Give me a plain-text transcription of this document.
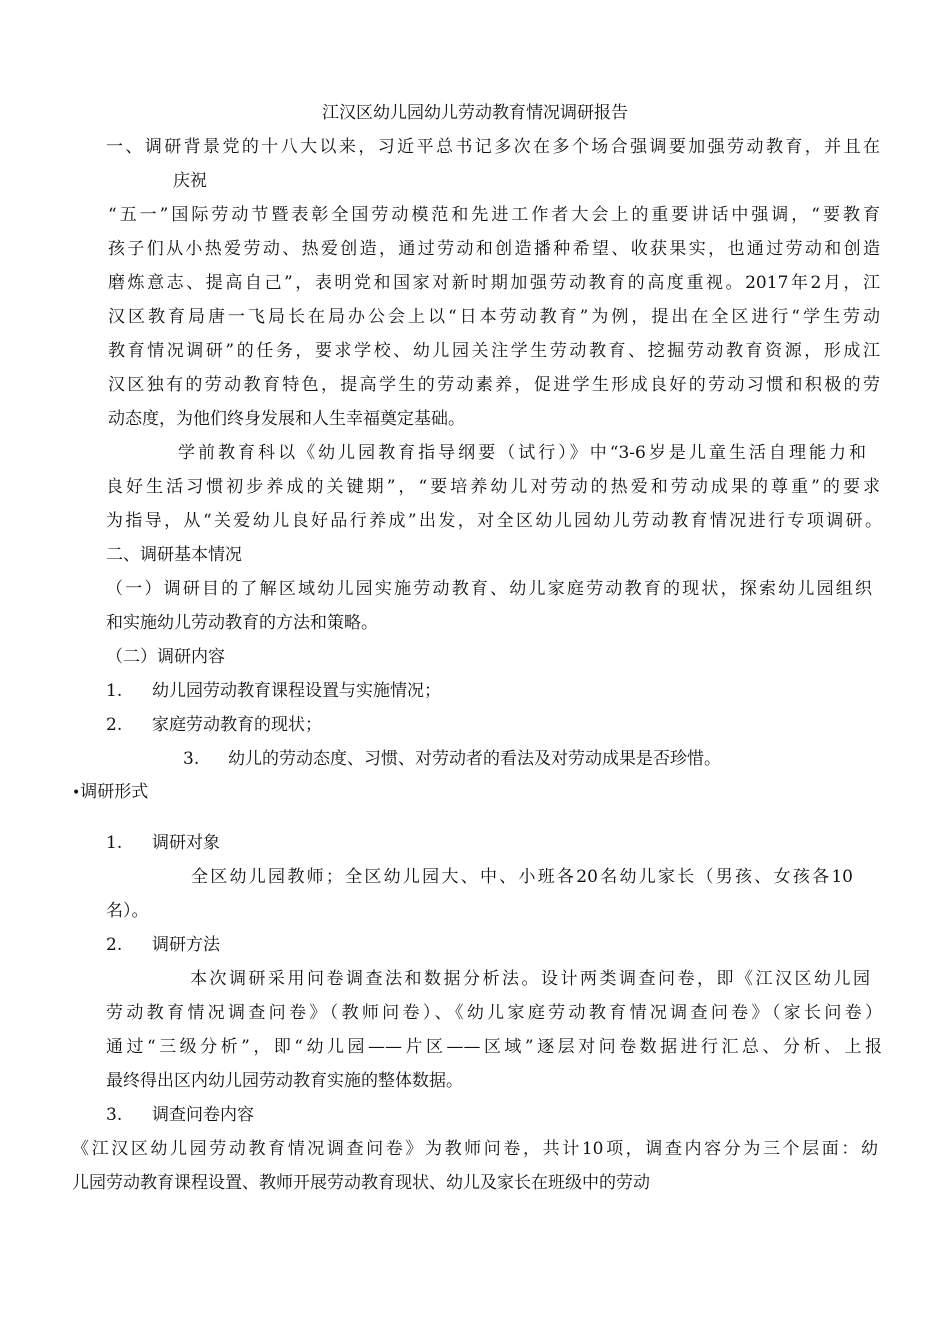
江汉区幼儿园幼儿劳动教育情况调研报告
一、调研背景党的十八大以来，习近平总书记多次在多个场合强调要加强劳动教育，并且在
庆祝
“五一”国际劳动节暨表彰全国劳动模范和先进工作者大会上的重要讲话中强调，“要教育
孩子们从小热爱劳动、热爱创造，通过劳动和创造播种希望、收获果实，也通过劳动和创造
磨炼意志、提高自己”，表明党和国家对新时期加强劳动教育的高度重视。2017年2月，江
汉区教育局唐一飞局长在局办公会上以“日本劳动教育”为例，提出在全区进行“学生劳动
教育情况调研”的任务，要求学校、幼儿园关注学生劳动教育、挖掘劳动教育资源，形成江
汉区独有的劳动教育特色，提高学生的劳动素养，促进学生形成良好的劳动习惯和积极的劳
动态度，为他们终身发展和人生幸福奠定基础。
学前教育科以《幼儿园教育指导纲要（试行）》中“3-6岁是儿童生活自理能力和
良好生活习惯初步养成的关键期”，“要培养幼儿对劳动的热爱和劳动成果的尊重”的要求
为指导，从“关爱幼儿良好品行养成”出发，对全区幼儿园幼儿劳动教育情况进行专项调研。
二、调研基本情况
（一）调研目的了解区域幼儿园实施劳动教育、幼儿家庭劳动教育的现状，探索幼儿园组织
和实施幼儿劳动教育的方法和策略。
（二）调研内容
1. 幼儿园劳动教育课程设置与实施情况；
2. 家庭劳动教育的现状；
3. 幼儿的劳动态度、习惯、对劳动者的看法及对劳动成果是否珍惜。
•调研形式
1. 调研对象
全区幼儿园教师；全区幼儿园大、中、小班各20名幼儿家长（男孩、女孩各10
名）。
2. 调研方法
本次调研采用问卷调查法和数据分析法。设计两类调查问卷，即《江汉区幼儿园
劳动教育情况调查问卷》（教师问卷）、《幼儿家庭劳动教育情况调查问卷》（家长问卷）
通过“三级分析”，即“幼儿园——片区——区域”逐层对问卷数据进行汇总、分析、上报
最终得出区内幼儿园劳动教育实施的整体数据。
3. 调查问卷内容
《江汉区幼儿园劳动教育情况调查问卷》为教师问卷，共计10项，调查内容分为三个层面：幼
儿园劳动教育课程设置、教师开展劳动教育现状、幼儿及家长在班级中的劳动
